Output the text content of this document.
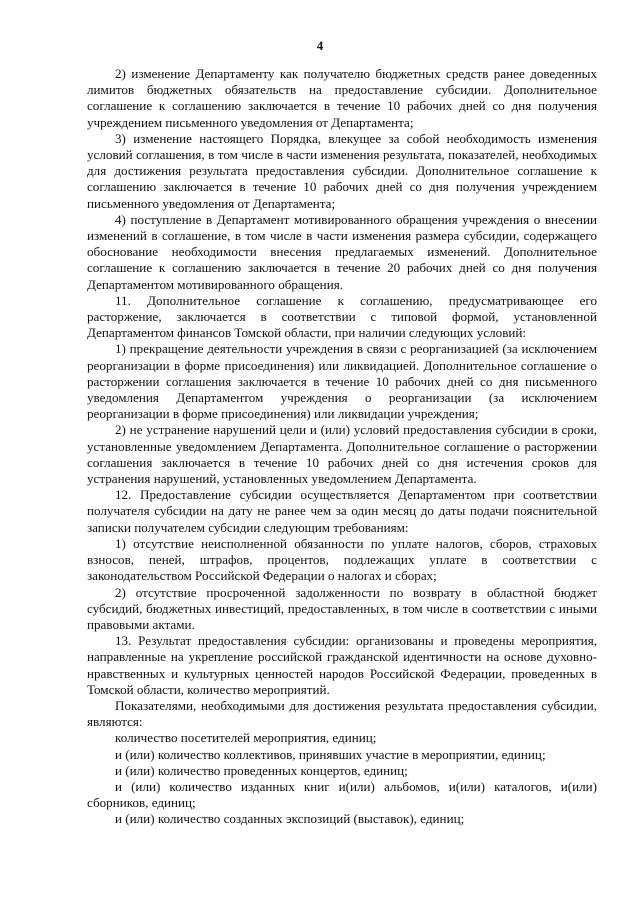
4

2) изменение Департаменту как получателю бюджетных средств ранее доведенных лимитов бюджетных обязательств на предоставление субсидии. Дополнительное соглашение к соглашению заключается в течение 10 рабочих дней со дня получения учреждением письменного уведомления от Департамента;

3) изменение настоящего Порядка, влекущее за собой необходимость изменения условий соглашения, в том числе в части изменения результата, показателей, необходимых для достижения результата предоставления субсидии. Дополнительное соглашение к соглашению заключается в течение 10 рабочих дней со дня получения учреждением письменного уведомления от Департамента;

4) поступление в Департамент мотивированного обращения учреждения о внесении изменений в соглашение, в том числе в части изменения размера субсидии, содержащего обоснование необходимости внесения предлагаемых изменений. Дополнительное соглашение к соглашению заключается в течение 20 рабочих дней со дня получения Департаментом мотивированного обращения.

11. Дополнительное соглашение к соглашению, предусматривающее его расторжение, заключается в соответствии с типовой формой, установленной Департаментом финансов Томской области, при наличии следующих условий:

1) прекращение деятельности учреждения в связи с реорганизацией (за исключением реорганизации в форме присоединения) или ликвидацией. Дополнительное соглашение о расторжении соглашения заключается в течение 10 рабочих дней со дня письменного уведомления Департаментом учреждения о реорганизации (за исключением реорганизации в форме присоединения) или ликвидации учреждения;

2) не устранение нарушений цели и (или) условий предоставления субсидии в сроки, установленные уведомлением Департамента. Дополнительное соглашение о расторжении соглашения заключается в течение 10 рабочих дней со дня истечения сроков для устранения нарушений, установленных уведомлением Департамента.

12. Предоставление субсидии осуществляется Департаментом при соответствии получателя субсидии на дату не ранее чем за один месяц до даты подачи пояснительной записки получателем субсидии следующим требованиям:

1) отсутствие неисполненной обязанности по уплате налогов, сборов, страховых взносов, пеней, штрафов, процентов, подлежащих уплате в соответствии с законодательством Российской Федерации о налогах и сборах;

2) отсутствие просроченной задолженности по возврату в областной бюджет субсидий, бюджетных инвестиций, предоставленных, в том числе в соответствии с иными правовыми актами.

13. Результат предоставления субсидии: организованы и проведены мероприятия, направленные на укрепление российской гражданской идентичности на основе духовно-нравственных и культурных ценностей народов Российской Федерации, проведенных в Томской области, количество мероприятий.

Показателями, необходимыми для достижения результата предоставления субсидии, являются:

количество посетителей мероприятия, единиц;

и (или) количество коллективов, принявших участие в мероприятии, единиц;

и (или) количество проведенных концертов, единиц;

и (или) количество изданных книг и(или) альбомов, и(или) каталогов, и(или) сборников, единиц;

и (или) количество созданных экспозиций (выставок), единиц;
